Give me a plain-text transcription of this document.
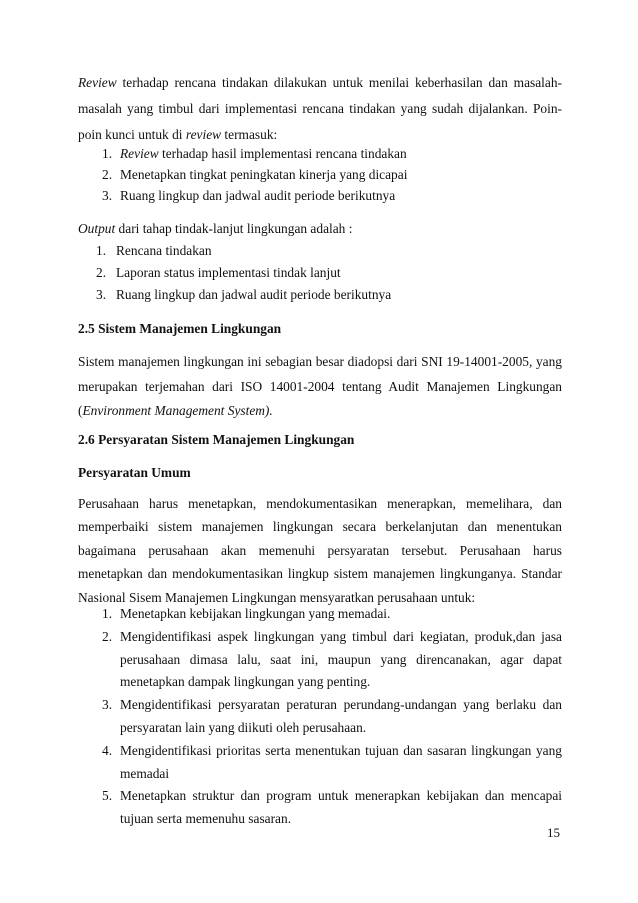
Review terhadap rencana tindakan dilakukan untuk menilai keberhasilan dan masalah-masalah yang timbul dari implementasi rencana tindakan yang sudah dijalankan. Poin-poin kunci untuk di review termasuk:

1. Review terhadap hasil implementasi rencana tindakan
2. Menetapkan tingkat peningkatan kinerja yang dicapai
3. Ruang lingkup dan jadwal audit periode berikutnya

Output dari tahap tindak-lanjut lingkungan adalah :

1. Rencana tindakan
2. Laporan status implementasi tindak lanjut
3. Ruang lingkup dan jadwal audit periode berikutnya
2.5 Sistem Manajemen Lingkungan

Sistem manajemen lingkungan ini sebagian besar diadopsi dari SNI 19-14001-2005, yang merupakan terjemahan dari ISO 14001-2004 tentang Audit Manajemen Lingkungan (Environment Management System).

2.6 Persyaratan Sistem Manajemen Lingkungan
Persyaratan Umum

Perusahaan harus menetapkan, mendokumentasikan menerapkan, memelihara, dan memperbaiki sistem manajemen lingkungan secara berkelanjutan dan menentukan bagaimana perusahaan akan memenuhi persyaratan tersebut. Perusahaan harus menetapkan dan mendokumentasikan lingkup sistem manajemen lingkunganya. Standar Nasional Sisem Manajemen Lingkungan mensyaratkan perusahaan untuk:

1. Menetapkan kebijakan lingkungan yang memadai.
2. Mengidentifikasi aspek lingkungan yang timbul dari kegiatan, produk,dan jasa perusahaan dimasa lalu, saat ini, maupun yang direncanakan, agar dapat menetapkan dampak lingkungan yang penting.
3. Mengidentifikasi persyaratan peraturan perundang-undangan yang berlaku dan persyaratan lain yang diikuti oleh perusahaan.
4. Mengidentifikasi prioritas serta menentukan tujuan dan sasaran lingkungan yang memadai
5. Menetapkan struktur dan program untuk menerapkan kebijakan dan mencapai tujuan serta memenuhu sasaran.
15
